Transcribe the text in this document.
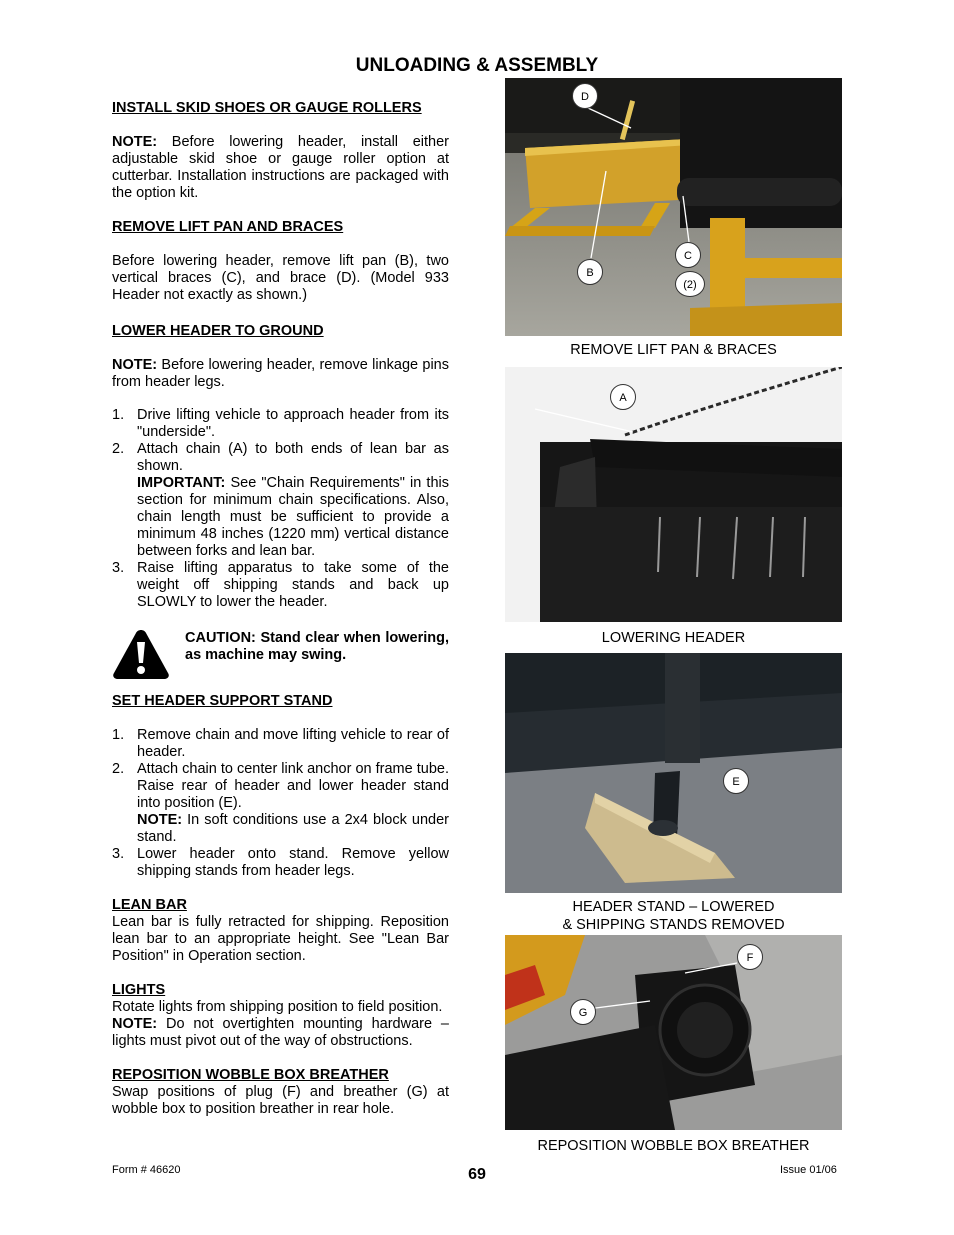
UNLOADING & ASSEMBLY

INSTALL SKID SHOES OR GAUGE ROLLERS

NOTE: Before lowering header, install either adjustable skid shoe or gauge roller option at cutterbar. Installation instructions are packaged with the option kit.

REMOVE LIFT PAN AND BRACES

Before lowering header, remove lift pan (B), two vertical braces (C), and brace (D). (Model 933 Header not exactly as shown.)

LOWER HEADER TO GROUND

NOTE: Before lowering header, remove linkage pins from header legs.

1. Drive lifting vehicle to approach header from its "underside".
2. Attach chain (A) to both ends of lean bar as shown.
IMPORTANT: See "Chain Requirements" in this section for minimum chain specifications. Also, chain length must be sufficient to provide a minimum 48 inches (1220 mm) vertical distance between forks and lean bar.
3. Raise lifting apparatus to take some of the weight off shipping stands and back up SLOWLY to lower the header.
CAUTION: Stand clear when lowering, as machine may swing.

SET HEADER SUPPORT STAND

1. Remove chain and move lifting vehicle to rear of header.
2. Attach chain to center link anchor on frame tube. Raise rear of header and lower header stand into position (E).
NOTE: In soft conditions use a 2x4 block under stand.
3. Lower header onto stand. Remove yellow shipping stands from header legs.

LEAN BAR

Lean bar is fully retracted for shipping. Reposition lean bar to an appropriate height. See "Lean Bar Position" in Operation section.

LIGHTS

Rotate lights from shipping position to field position.

NOTE: Do not overtighten mounting hardware – lights must pivot out of the way of obstructions.

REPOSITION WOBBLE BOX BREATHER

Swap positions of plug (F) and breather (G) at wobble box to position breather in rear hole.

D
C
(2)
B
REMOVE LIFT PAN & BRACES
A
LOWERING HEADER
E
HEADER STAND – LOWERED
& SHIPPING STANDS REMOVED
F
G
REPOSITION WOBBLE BOX BREATHER
Form # 46620	69	Issue 01/06
